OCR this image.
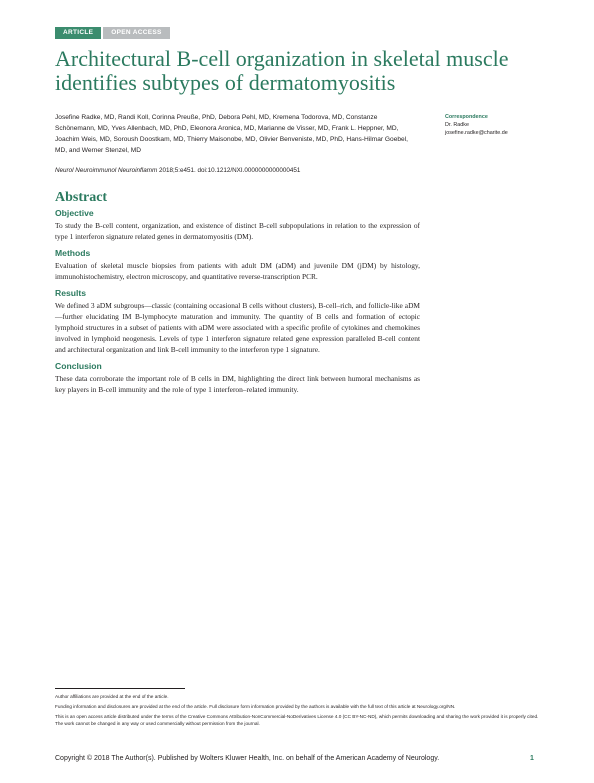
ARTICLE	OPEN ACCESS
Architectural B-cell organization in skeletal muscle identifies subtypes of dermatomyositis
Josefine Radke, MD, Randi Koll, Corinna Preuße, PhD, Debora Pehl, MD, Kremena Todorova, MD, Constanze Schönemann, MD, Yves Allenbach, MD, PhD, Eleonora Aronica, MD, Marianne de Visser, MD, Frank L. Heppner, MD, Joachim Weis, MD, Soroush Doostkam, MD, Thierry Maisonobe, MD, Olivier Benveniste, MD, PhD, Hans-Hilmar Goebel, MD, and Werner Stenzel, MD
Correspondence
Dr. Radke
josefine.radke@charite.de
Neurol Neuroimmunol Neuroinflamm 2018;5:e451. doi:10.1212/NXI.0000000000000451
Abstract
Objective

To study the B-cell content, organization, and existence of distinct B-cell subpopulations in relation to the expression of type 1 interferon signature related genes in dermatomyositis (DM).

Methods

Evaluation of skeletal muscle biopsies from patients with adult DM (aDM) and juvenile DM (jDM) by histology, immunohistochemistry, electron microscopy, and quantitative reverse-transcription PCR.

Results

We defined 3 aDM subgroups—classic (containing occasional B cells without clusters), B-cell–rich, and follicle-like aDM—further elucidating IM B-lymphocyte maturation and immunity. The quantity of B cells and formation of ectopic lymphoid structures in a subset of patients with aDM were associated with a specific profile of cytokines and chemokines involved in lymphoid neogenesis. Levels of type 1 interferon signature related gene expression paralleled B-cell content and architectural organization and link B-cell immunity to the interferon type 1 signature.

Conclusion

These data corroborate the important role of B cells in DM, highlighting the direct link between humoral mechanisms as key players in B-cell immunity and the role of type 1 interferon–related immunity.

Author affiliations are provided at the end of the article.

Funding information and disclosures are provided at the end of the article. Full disclosure form information provided by the authors is available with the full text of this article at Neurology.org/NN.

This is an open access article distributed under the terms of the Creative Commons Attribution-NonCommercial-NoDerivatives License 4.0 (CC BY-NC-ND), which permits downloading and sharing the work provided it is properly cited. The work cannot be changed in any way or used commercially without permission from the journal.

Copyright © 2018 The Author(s). Published by Wolters Kluwer Health, Inc. on behalf of the American Academy of Neurology.	1
